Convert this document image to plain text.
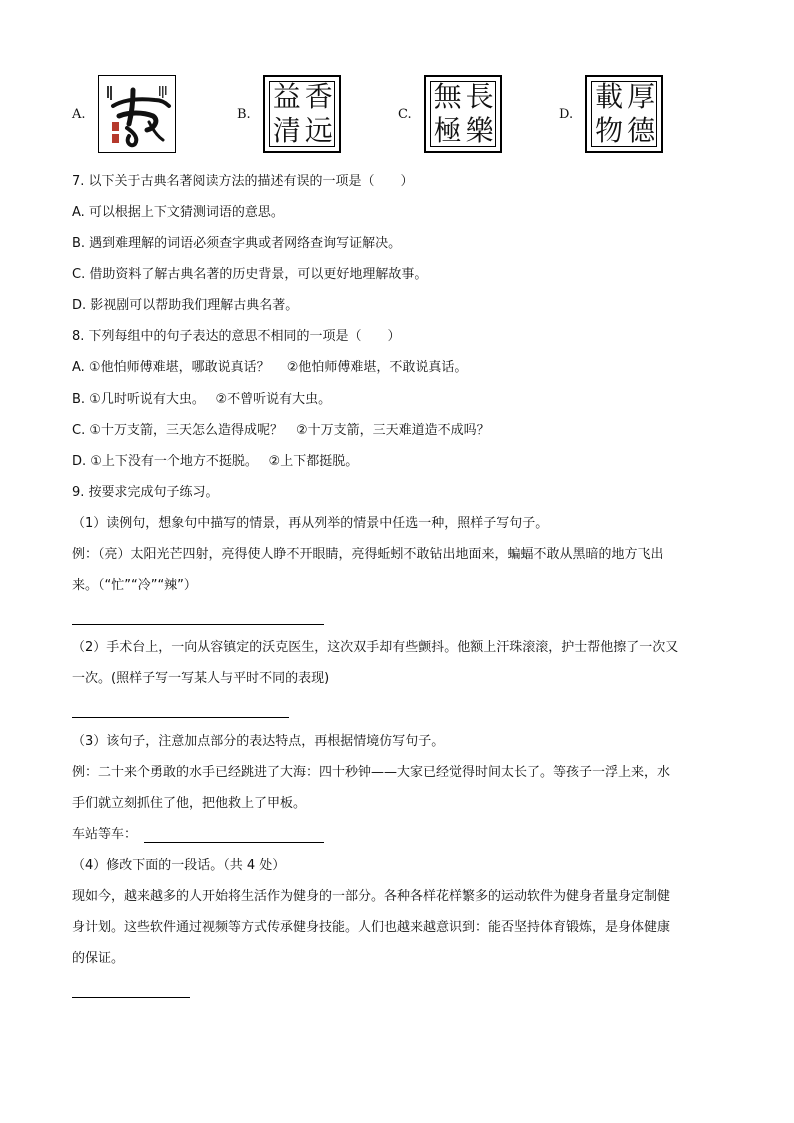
A.	B.
香
远
益
清	C.
長
樂
無
極	D.
厚
德
載
物
7. 以下关于古典名著阅读方法的描述有误的一项是（　　）
A. 可以根据上下文猜测词语的意思。
B. 遇到难理解的词语必须查字典或者网络查询写证解决。
C. 借助资料了解古典名著的历史背景，可以更好地理解故事。
D. 影视剧可以帮助我们理解古典名著。
8. 下列每组中的句子表达的意思不相同的一项是（　　）
A. ①他怕师傅难堪，哪敢说真话？　 ②他怕师傅难堪，不敢说真话。
B. ①几时听说有大虫。　 ②不曾听说有大虫。
C. ①十万支箭，三天怎么造得成呢？　②十万支箭，三天难道造不成吗？
D. ①上下没有一个地方不挺脱。　 ②上下都挺脱。
9. 按要求完成句子练习。
（1）读例句，想象句中描写的情景，再从列举的情景中任选一种，照样子写句子。
例：（亮）太阳光芒四射，亮得使人睁不开眼睛，亮得蚯蚓不敢钻出地面来，蝙蝠不敢从黑暗的地方飞出
来。（“忙”“冷”“辣”）
（2）手术台上，一向从容镇定的沃克医生，这次双手却有些颤抖。他额上汗珠滚滚，护士帮他擦了一次又
一次。(照样子写一写某人与平时不同的表现)
（3）该句子，注意加点部分的表达特点，再根据情境仿写句子。
例：二十来个勇敢的水手已经跳进了大海：四十秒钟——大家已经觉得时间太长了。等孩子一浮上来，水
手们就立刻抓住了他，把他救上了甲板。
车站等车：
（4）修改下面的一段话。（共 4 处）
现如今，越来越多的人开始将生活作为健身的一部分。各种各样花样繁多的运动软件为健身者量身定制健
身计划。这些软件通过视频等方式传承健身技能。人们也越来越意识到：能否坚持体育锻炼，是身体健康
的保证。
